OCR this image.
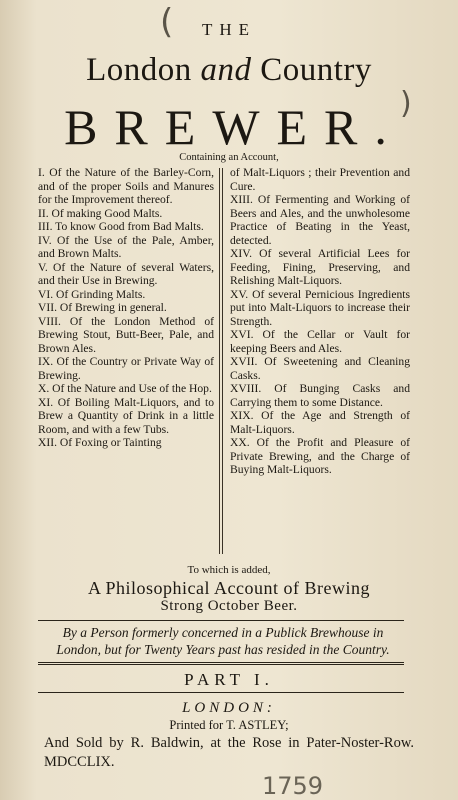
(
)
THE
London and Country
BREWER.
Containing an Account,

I. Of the Nature of the Barley-Corn, and of the proper Soils and Manures for the Improvement thereof.

II. Of making Good Malts.

III. To know Good from Bad Malts.

IV. Of the Use of the Pale, Amber, and Brown Malts.

V. Of the Nature of several Waters, and their Use in Brewing.

VI. Of Grinding Malts.

VII. Of Brewing in general.

VIII. Of the London Method of Brewing Stout, Butt-Beer, Pale, and Brown Ales.

IX. Of the Country or Private Way of Brewing.

X. Of the Nature and Use of the Hop.

XI. Of Boiling Malt-Liquors, and to Brew a Quantity of Drink in a little Room, and with a few Tubs.

XII. Of Foxing or Tainting

of Malt-Liquors ; their Prevention and Cure.

XIII. Of Fermenting and Working of Beers and Ales, and the unwholesome Practice of Beating in the Yeast, detected.

XIV. Of several Artificial Lees for Feeding, Fining, Preserving, and Relishing Malt-Liquors.

XV. Of several Pernicious Ingredients put into Malt-Liquors to increase their Strength.

XVI. Of the Cellar or Vault for keeping Beers and Ales.

XVII. Of Sweetening and Cleaning Casks.

XVIII. Of Bunging Casks and Carrying them to some Distance.

XIX. Of the Age and Strength of Malt-Liquors.

XX. Of the Profit and Pleasure of Private Brewing, and the Charge of Buying Malt-Liquors.

To which is added,
A Philosophical Account of Brewing
Strong October Beer.
By a Person formerly concerned in a Publick Brewhouse in London, but for Twenty Years past has resided in the Country.
PART I.
LONDON:
Printed for T. ASTLEY;
And Sold by R. Baldwin, at the Rose in Pater-Noster-Row. MDCCLIX.
1759
